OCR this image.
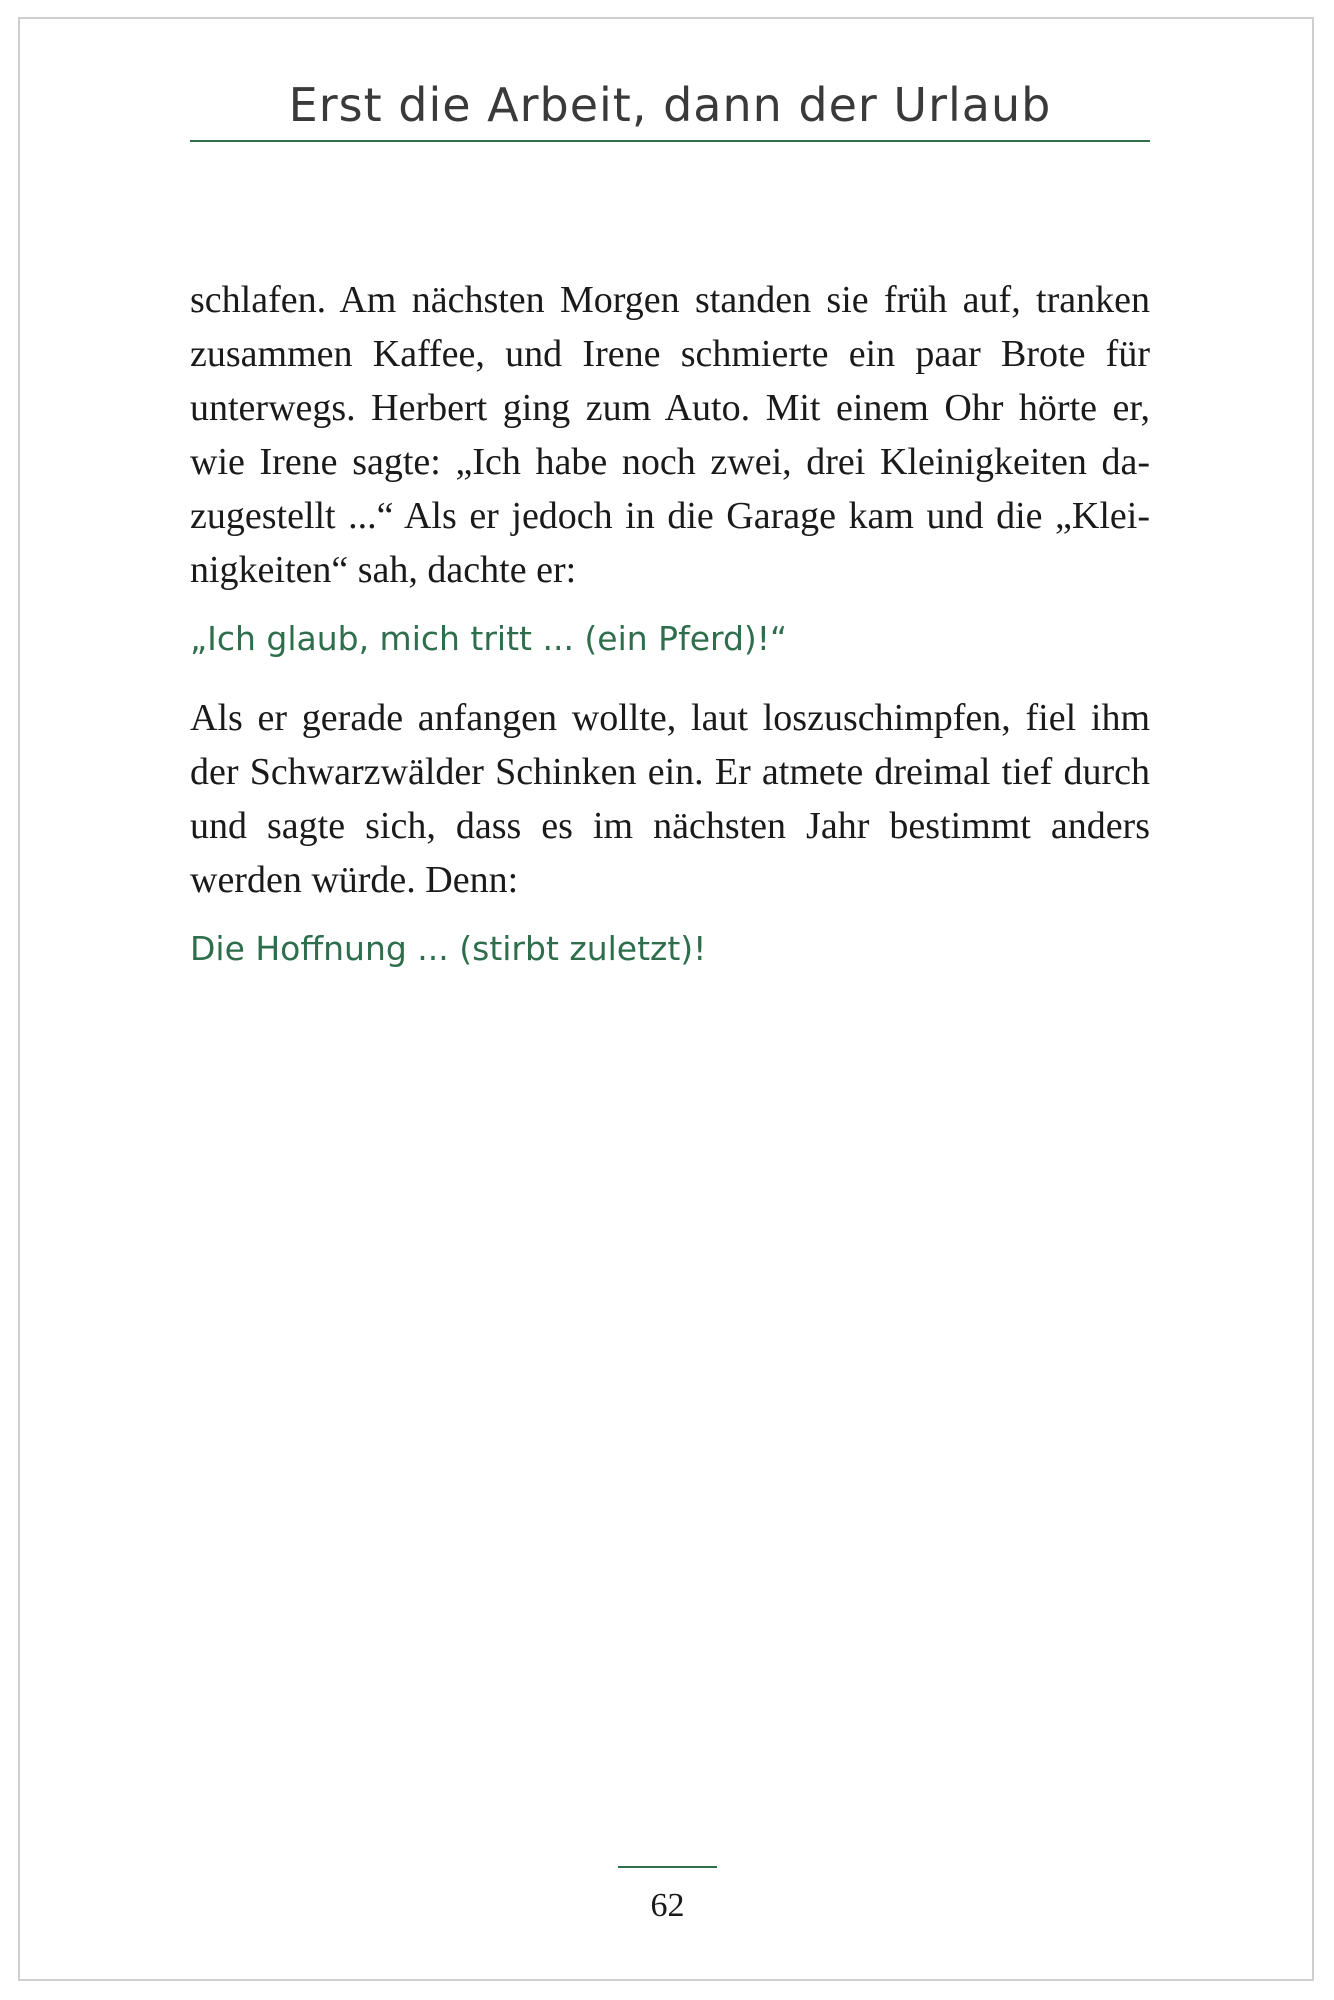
Erst die Arbeit, dann der Urlaub

schlafen. Am nächsten Morgen standen sie früh auf, tranken zusammen Kaffee, und Irene schmierte ein paar Brote für unterwegs. Herbert ging zum Auto. Mit einem Ohr hörte er, wie Irene sagte: „Ich habe noch zwei, drei Kleinigkeiten dazugestellt ...“ Als er jedoch in die Garage kam und die „Kleinigkeiten“ sah, dachte er:

„Ich glaub, mich tritt ... (ein Pferd)!“

Als er gerade anfangen wollte, laut loszuschimpfen, fiel ihm der Schwarzwälder Schinken ein. Er atmete dreimal tief durch und sagte sich, dass es im nächsten Jahr bestimmt anders werden würde. Denn:

Die Hoffnung ... (stirbt zuletzt)!

62
